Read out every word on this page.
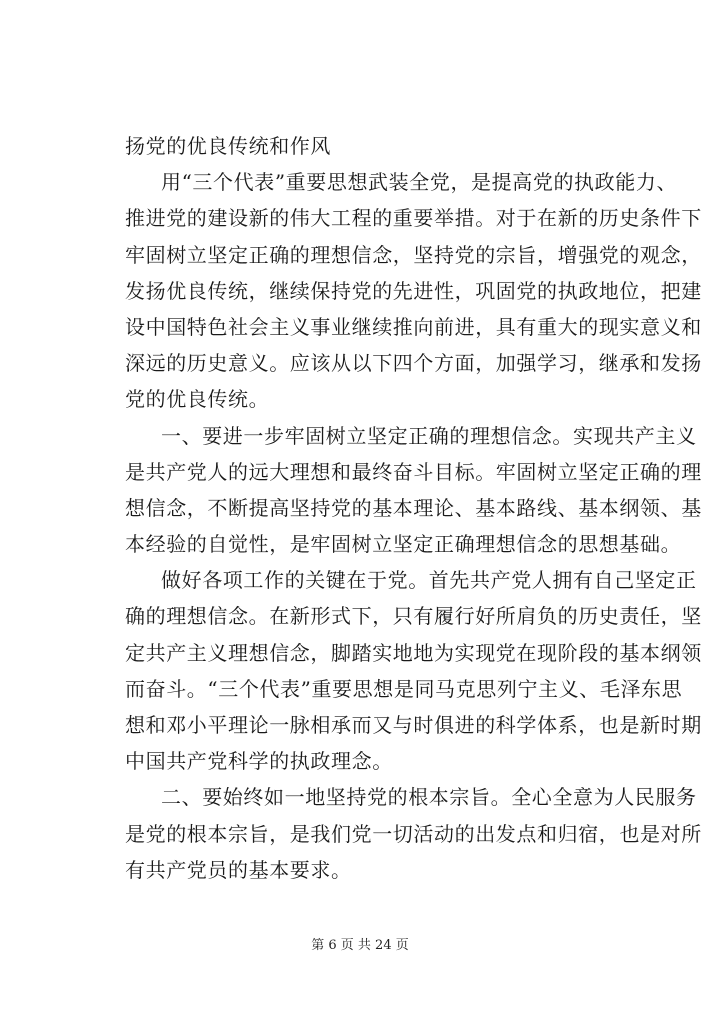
扬党的优良传统和作风
用“三个代表”重要思想武装全党，是提高党的执政能力、
推进党的建设新的伟大工程的重要举措。对于在新的历史条件下
牢固树立坚定正确的理想信念，坚持党的宗旨，增强党的观念，
发扬优良传统，继续保持党的先进性，巩固党的执政地位，把建
设中国特色社会主义事业继续推向前进，具有重大的现实意义和
深远的历史意义。应该从以下四个方面，加强学习，继承和发扬
党的优良传统。
一、要进一步牢固树立坚定正确的理想信念。实现共产主义
是共产党人的远大理想和最终奋斗目标。牢固树立坚定正确的理
想信念，不断提高坚持党的基本理论、基本路线、基本纲领、基
本经验的自觉性，是牢固树立坚定正确理想信念的思想基础。
做好各项工作的关键在于党。首先共产党人拥有自己坚定正
确的理想信念。在新形式下，只有履行好所肩负的历史责任，坚
定共产主义理想信念，脚踏实地地为实现党在现阶段的基本纲领
而奋斗。“三个代表”重要思想是同马克思列宁主义、毛泽东思
想和邓小平理论一脉相承而又与时俱进的科学体系，也是新时期
中国共产党科学的执政理念。
二、要始终如一地坚持党的根本宗旨。全心全意为人民服务
是党的根本宗旨，是我们党一切活动的出发点和归宿，也是对所
有共产党员的基本要求。
第 6 页 共 24 页
